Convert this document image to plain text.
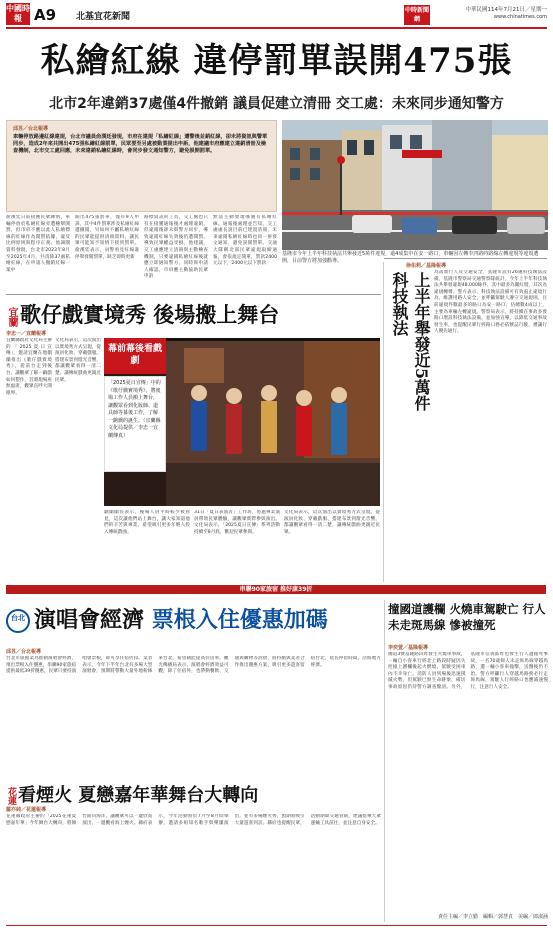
中國時報 A9 北基宜花新聞
中時新聞網
中華民國114年7月21日／星期一
www.chinatimes.com
私繪紅線 違停罰單誤開475張
北市2年違銷37處僅4件撤銷 議員促建立清冊 交工處：未來同步通知警方
邱昱／台北報導
車輛停放路邊紅線違規，台北市議員俞漢廷發現，市府在違規「私繪紅線」遭警後並銷紅線，卻未將資訊與警單同步，造成2年來共開出475張私繪紅線罰單，民眾要至另處被動業提出申訴，他建議市府應建立違銷清冊及檢查機制，北市交工處回應，未來違銷私繪紅線時，會同步發文通知警方，避免誤開罰單。
俞漢廷日前接獲民眾陳情，車輛停放於私繪紅線旁遭檢舉開罰，但市府不應以此人私繪標線的紅線作為開罰依據，違反比例原則與程序正義。他調閱資料發現，台北市2023年8月至2025年4月，共清除37處私繪紅線，在申請人撤銷紅線一案中
開出475張罰單，僅有9人申訴，其中4件罰單涉及私繪紅線遭撤銷，另如何不屬私繪紅線的民眾能提供清冊資料，讓民眾可能知不知情下接到罰單。俞漢廷表示，員警看見紅線違停舉發開罰單，缺乏即時更新
路標資訊的工具，交工處也只有在接獲通報後才處理違銷，但違銷後卻未與警方同步，導致違銷紅線失效後仍遭開罰，導致民眾權益受損。他建議，交工處應建立清冊與主動檢查機制，只要違銷私繪紅線後就應立即通知警方，同時與申請人確認，市府應主動協助民眾申訴
無法主動發現哪處有私繪紅線，通報後處理並告知，交工處處長說目前已建置清冊，未來違銷私繪紅線時也同一併發文通知，避免誤開罰單。交通大隊稱北部民眾違規取締通報，會依規定開單，罰款2400元以下，2400元以下罰款
基隆市今年上半年科技執法共舉發近5萬件違規，逾4成集中在安一路口，車輛因左轉李四路時路線左轉違規等違規遭開，目前警方將加強勸導。
宜蘭 歌仔戲實境秀 後場搬上舞台
李忠一／宜蘭報導
宜蘭縣政府文化局主辦的「2025夏日宣傳」，邀請宜蘭在地劇團推出《歌仔戲實境秀》，從前台走到後台，讓觀眾了解一齣戲如何製作，首週現場座無虛席，觀眾直呼大開眼界。
文化局表示，這次演出以實境秀方式呈現，從演員化妝、穿戴戲服、搭建布景到燈光音響，都讓觀眾看得一清二楚，讓傳統戲曲更親近民眾。
幕前幕後看戲劇
「2025夏日宣傳」中的《歌仔戲實境秀》，將後場工作人員搬上舞台，讓觀眾看到化妝師、道具師等幕後工作，了解一齣戲的誕生。（宜蘭縣文化局提供／李忠一宜蘭傳真）
劇團團長表示，後場人員平時較少被看見，這次讓他們站上舞台，讓大家知道他們的辛苦與專業，希望吸引更多年輕人投入傳統戲曲。
31日「夏日表演者」工作坊，將邀專業演員帶領民眾體驗，讓觀眾實際參與演出。文化局表示，「2025夏日宣傳」系列活動持續至8月底，歡迎民眾參與。
文化局表示，這次演出以實境秀方式呈現，從演員化妝、穿戴戲服、搭建布景到燈光音響，都讓觀眾看得一清二楚，讓傳統戲曲更親近民眾。
徐佑莉／基隆報導
科技執法 上半年舉發近5萬件 為落實行人及交通安全，基隆市設有26處科技執法設備，基隆市警察局交通警察隊統計，今年上半年科技執法共舉發違規48,000餘件，其中最多為闖紅燈，其次為違規轉彎。警方表示，科技執法設備可有效遏止違規行為，維護用路人安全，並呼籲駕駛人遵守交通規則。目前違規件數最多的路口為安一路口，佔總數4成以上，主要為車輛左轉違規。警察局表示，將持續在事故多發路口增設科技執法設備，並加強宣導，以降低交通事故發生率，也提醒民眾行經路口務必依號誌行駛，禮讓行人優先通行。
串聯90家旅宿 推好康39折
台北 演唱會經濟 票根入住優惠加碼
邱昱／台北報導
台北市旅館業為推動演唱會經濟，推出票根入住優惠，串聯90家旅宿提供最低39折優惠，民眾只要持演唱會票根，即可享住宿折扣。業者表示，今年下半年台北有多場大型演唱會，預期將帶動大量外地粉絲來台北，希望藉此提高住房率。觀光傳播局表示，演唱會經濟效益可觀，除了住宿外，也帶動餐飲、交通與購物等消費，將持續與業者合作推出優惠方案，吸引更多遊客留宿台北，延長停留時間，活絡地方經濟。
撞國道護欄 火燒車駕駛亡 行人未走斑馬線 慘被撞死
李奕萱／基隆報導
國道3號基隆路段昨發生火燒車事故，一輛自小客車行經北上路段時疑因失控撞上護欄後起火燃燒，駕駛受困車內不幸身亡。消防人員到場後迅速撲滅火勢，但駕駛已無生命跡象，確切事故原因仍待警方調查釐清。另外，基隆市信義區昨也發生行人遭撞死事故，一名70歲婦人未走斑馬線穿越馬路，遭一輛小客車撞擊，送醫後仍不治。警方呼籲行人穿越馬路務必行走斑馬線，駕駛人行經路口也應減速慢行，注意行人安全。
花蓮 看煙火 夏戀嘉年華舞台大轉向
羅亦純／花蓮報導
花蓮縣政府主辦的「2025花蓮夏戀嘉年華」今年舞台大轉向，將舞台面向海洋，讓觀眾可以一邊欣賞演出，一邊觀看海上煙火。縣府表示，今年活動將於7月至8月間舉辦，邀請多組知名歌手與樂團演出，並有多場煙火秀，預期將吸引大量遊客到訪。縣府也提醒民眾，活動期間交通管制，建議搭乘大眾運輸工具前往，並注意自身安全。
責任主編／李立勤　編輯／郭慧貞　美編／郎淑涵
